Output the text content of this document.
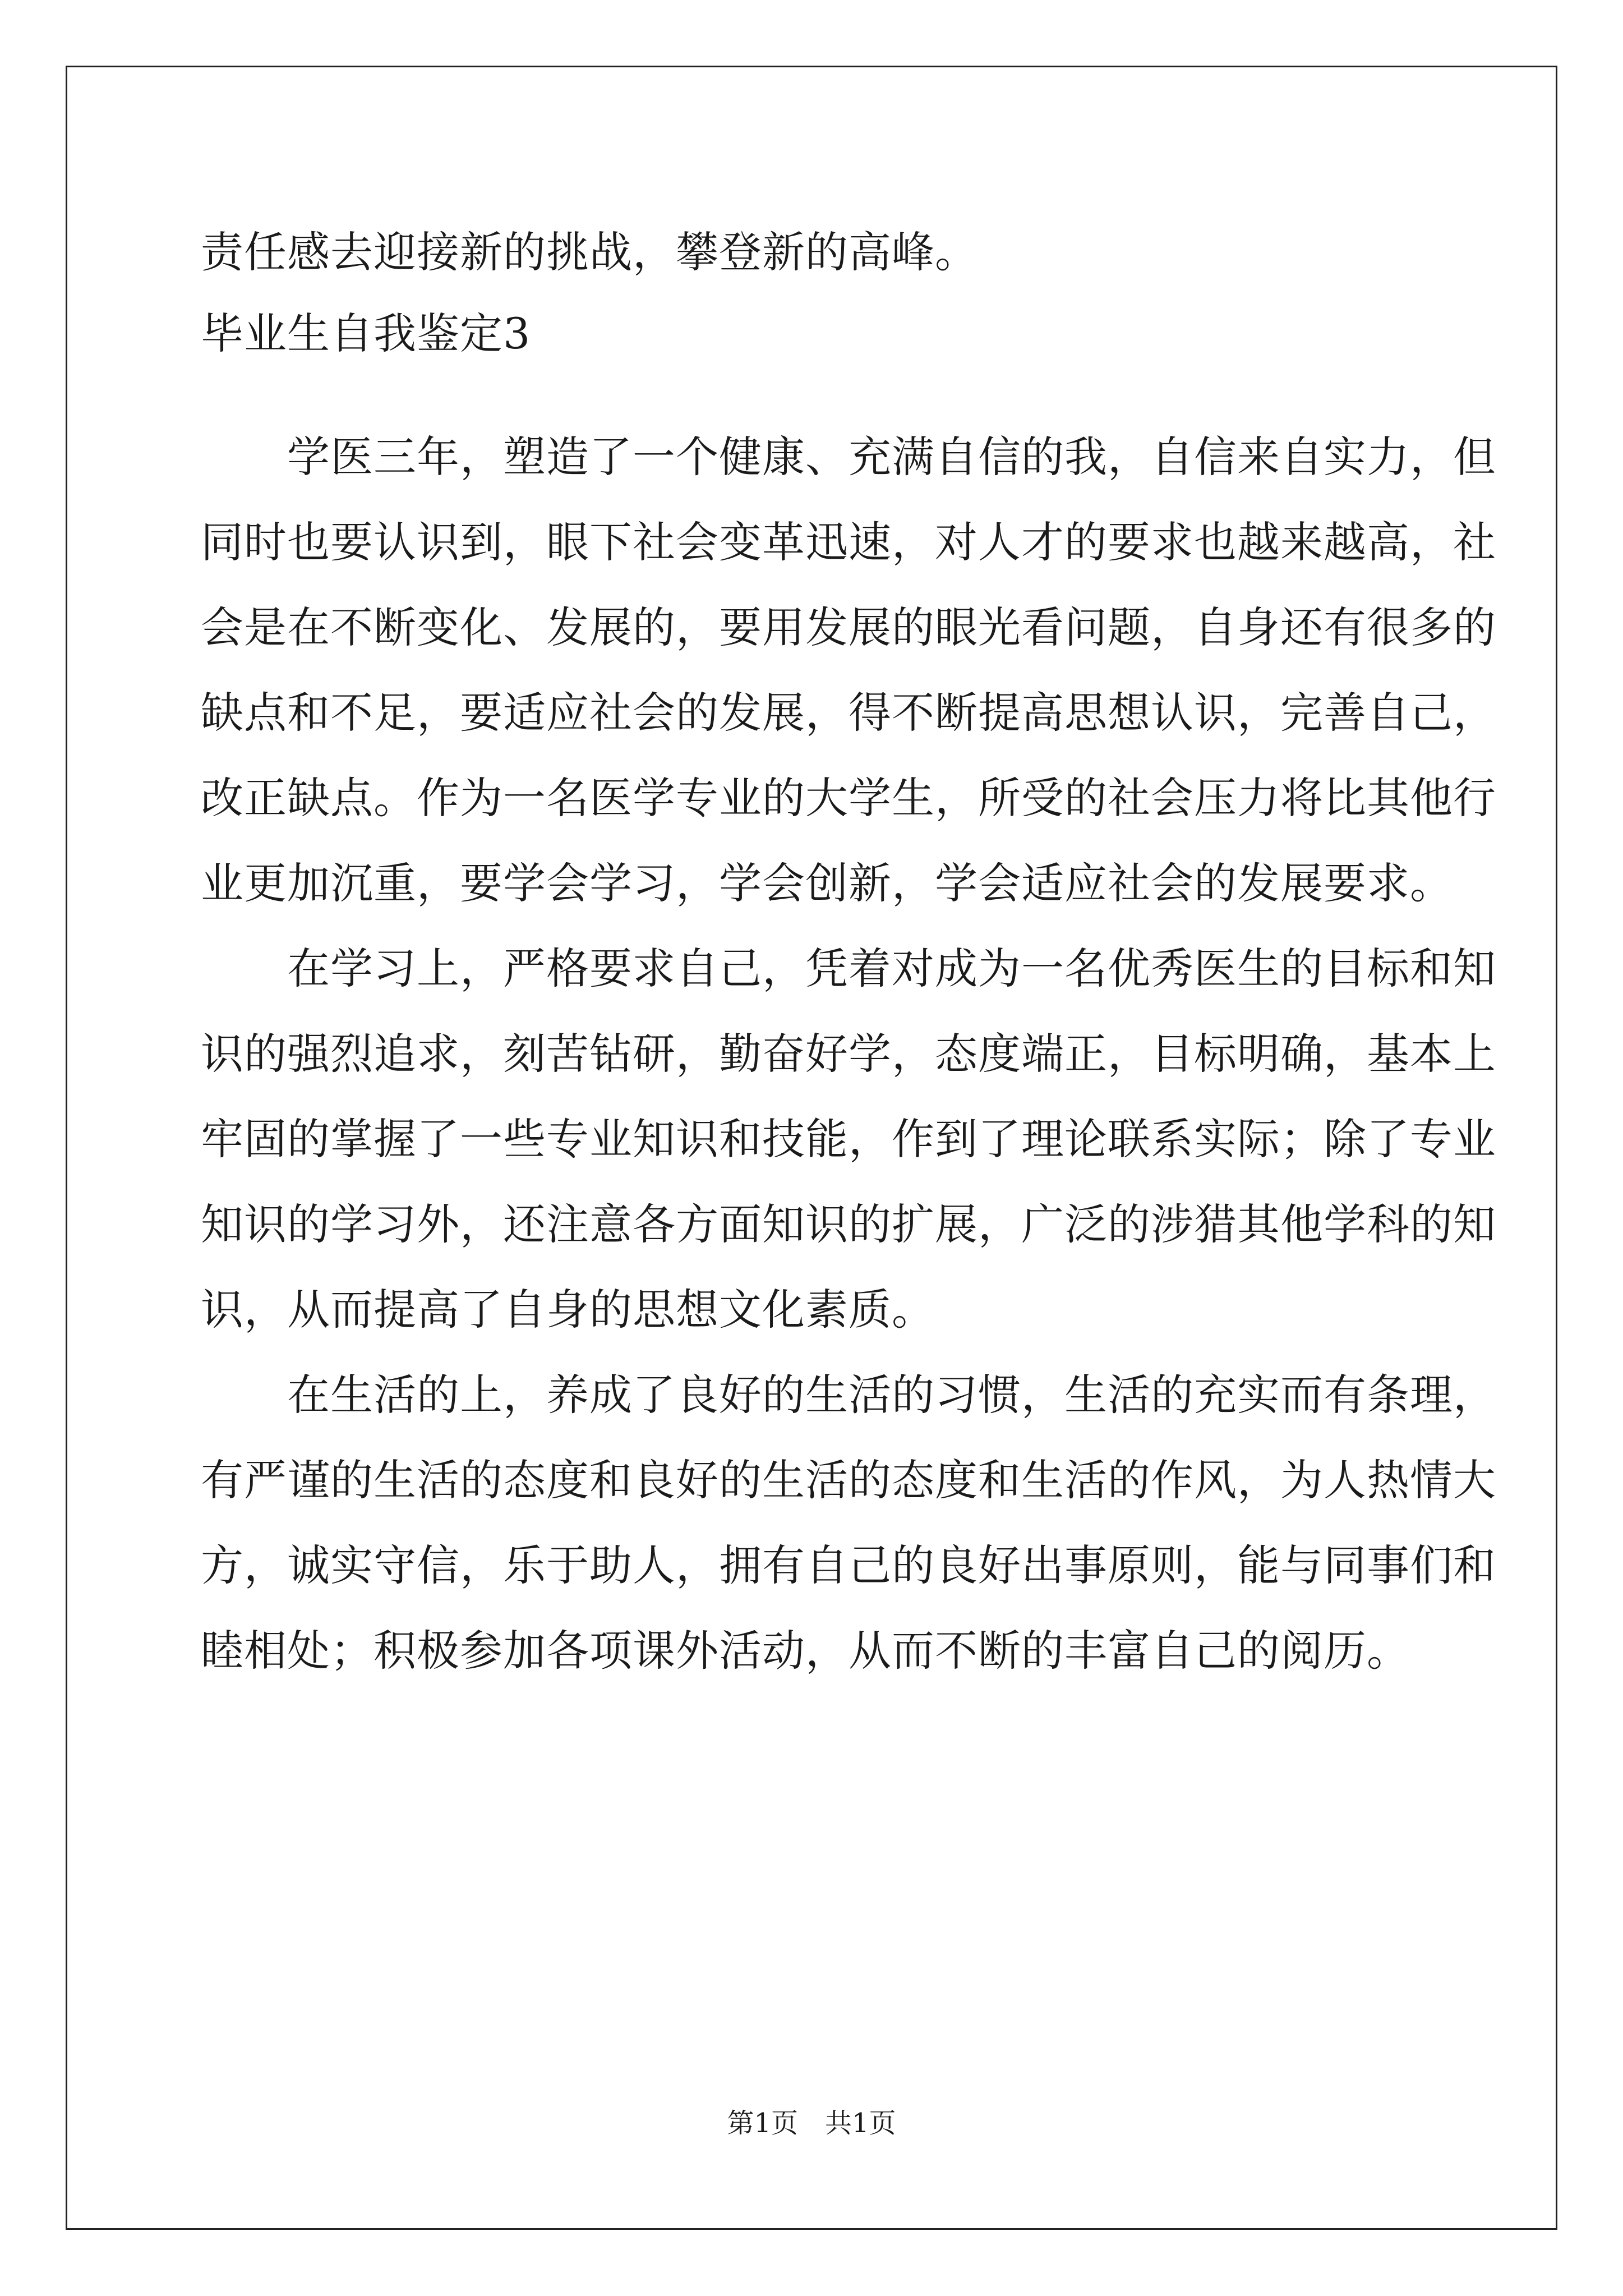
责任感去迎接新的挑战，攀登新的高峰。
毕业生自我鉴定3
　　学医三年，塑造了一个健康、充满自信的我，自信来自实力，但
同时也要认识到，眼下社会变革迅速，对人才的要求也越来越高，社
会是在不断变化、发展的，要用发展的眼光看问题，自身还有很多的
缺点和不足，要适应社会的发展，得不断提高思想认识，完善自己，
改正缺点。作为一名医学专业的大学生，所受的社会压力将比其他行
业更加沉重，要学会学习，学会创新，学会适应社会的发展要求。
　　在学习上，严格要求自己，凭着对成为一名优秀医生的目标和知
识的强烈追求，刻苦钻研，勤奋好学，态度端正，目标明确，基本上
牢固的掌握了一些专业知识和技能，作到了理论联系实际；除了专业
知识的学习外，还注意各方面知识的扩展，广泛的涉猎其他学科的知
识，从而提高了自身的思想文化素质。
　　在生活的上，养成了良好的生活的习惯，生活的充实而有条理，
有严谨的生活的态度和良好的生活的态度和生活的作风，为人热情大
方，诚实守信，乐于助人，拥有自己的良好出事原则，能与同事们和
睦相处；积极参加各项课外活动，从而不断的丰富自己的阅历。
第1页　共1页
